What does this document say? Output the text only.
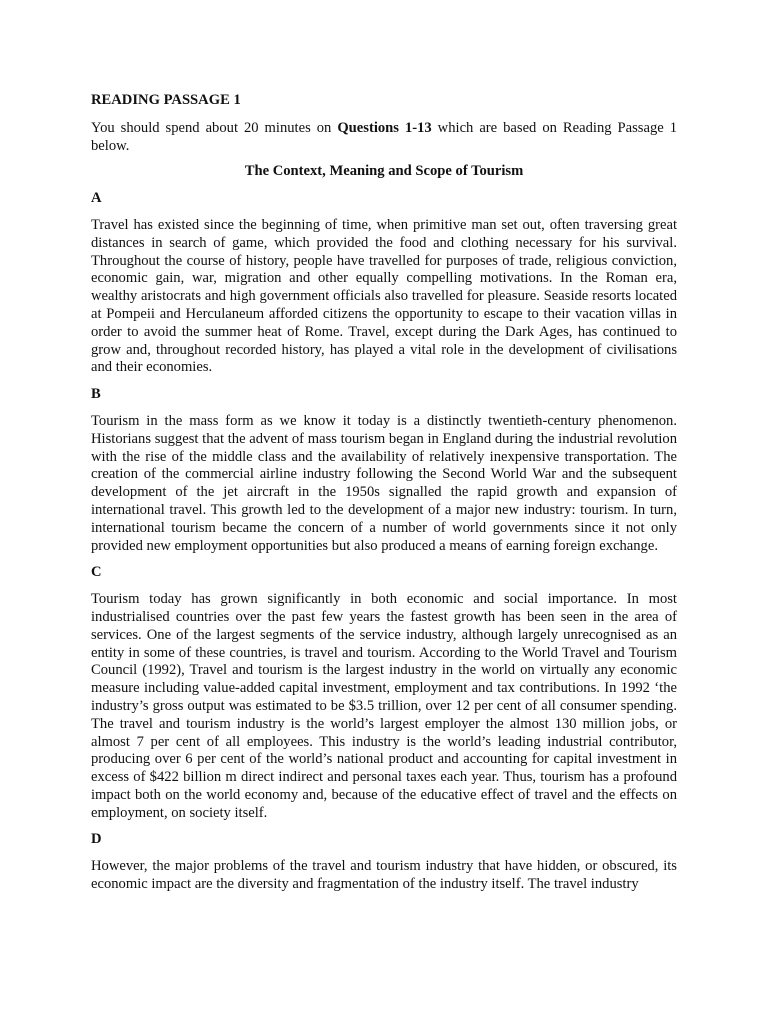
READING PASSAGE 1

You should spend about 20 minutes on Questions 1-13 which are based on Reading Passage 1 below.

The Context, Meaning and Scope of Tourism

A

Travel has existed since the beginning of time, when primitive man set out, often traversing great distances in search of game, which provided the food and clothing necessary for his survival. Throughout the course of history, people have travelled for purposes of trade, religious conviction, economic gain, war, migration and other equally compelling motivations. In the Roman era, wealthy aristocrats and high government officials also travelled for pleasure. Seaside resorts located at Pompeii and Herculaneum afforded citizens the opportunity to escape to their vacation villas in order to avoid the summer heat of Rome. Travel, except during the Dark Ages, has continued to grow and, throughout recorded history, has played a vital role in the development of civilisations and their economies.

B

Tourism in the mass form as we know it today is a distinctly twentieth-century phenomenon. Historians suggest that the advent of mass tourism began in England during the industrial revolution with the rise of the middle class and the availability of relatively inexpensive transportation. The creation of the commercial airline industry following the Second World War and the subsequent development of the jet aircraft in the 1950s signalled the rapid growth and expansion of international travel. This growth led to the development of a major new industry: tourism. In turn, international tourism became the concern of a number of world governments since it not only provided new employment opportunities but also produced a means of earning foreign exchange.

C

Tourism today has grown significantly in both economic and social importance. In most industrialised countries over the past few years the fastest growth has been seen in the area of services. One of the largest segments of the service industry, although largely unrecognised as an entity in some of these countries, is travel and tourism. According to the World Travel and Tourism Council (1992), Travel and tourism is the largest industry in the world on virtually any economic measure including value-added capital investment, employment and tax contributions. In 1992 ‘the industry’s gross output was estimated to be $3.5 trillion, over 12 per cent of all consumer spending. The travel and tourism industry is the world’s largest employer the almost 130 million jobs, or almost 7 per cent of all employees. This industry is the world’s leading industrial contributor, producing over 6 per cent of the world’s national product and accounting for capital investment in excess of $422 billion m direct indirect and personal taxes each year. Thus, tourism has a profound impact both on the world economy and, because of the educative effect of travel and the effects on employment, on society itself.

D

However, the major problems of the travel and tourism industry that have hidden, or obscured, its economic impact are the diversity and fragmentation of the industry itself. The travel industry
